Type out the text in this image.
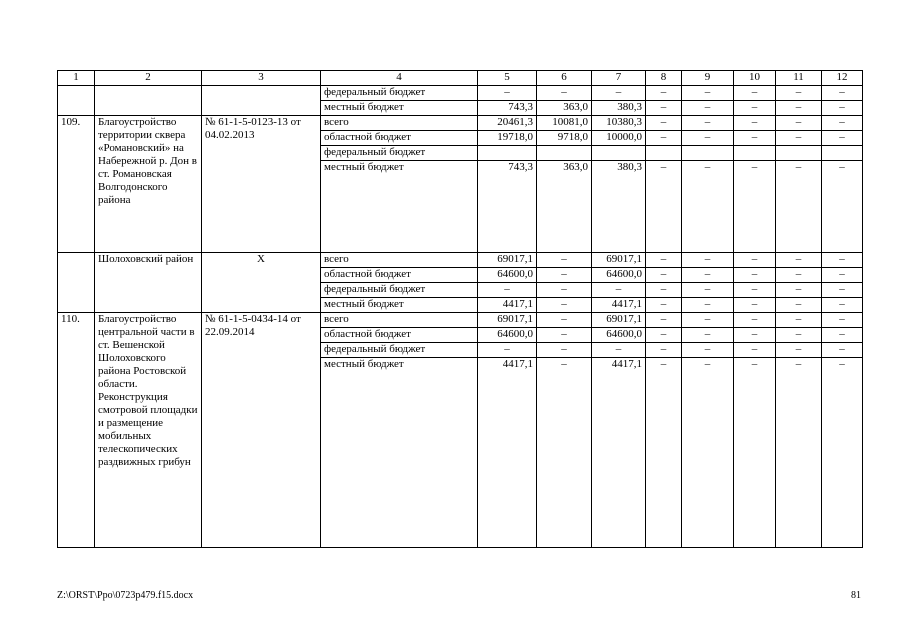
1	2	3	4	5	6	7	8	9	10	11	12
			федеральный бюджет	–	–	–	–	–	–	–	–
			местный бюджет	743,3	363,0	380,3	–	–	–	–	–
109.	Благоустройство территории сквера «Романовский» на Набережной р. Дон в ст. Романовская Волгодонского района	№ 61-1-5-0123-13 от 04.02.2013	всего	20461,3	10081,0	10380,3	–	–	–	–	–
			областной бюджет	19718,0	9718,0	10000,0	–	–	–	–	–
			федеральный бюджет								
			местный бюджет	743,3	363,0	380,3	–	–	–	–	–
	Шолоховский район	X	всего	69017,1	–	69017,1	–	–	–	–	–
			областной бюджет	64600,0	–	64600,0	–	–	–	–	–
			федеральный бюджет	–	–	–	–	–	–	–	–
			местный бюджет	4417,1	–	4417,1	–	–	–	–	–
110.	Благоустройство центральной части в ст. Вешенской Шолоховского района Ростовской области. Реконструкция смотровой площадки и размещение мобильных телескопических раздвижных грибун	№ 61-1-5-0434-14 от 22.09.2014	всего	69017,1	–	69017,1	–	–	–	–	–
			областной бюджет	64600,0	–	64600,0	–	–	–	–	–
			федеральный бюджет	–	–	–	–	–	–	–	–
			местный бюджет	4417,1	–	4417,1	–	–	–	–	–
Z:\ORST\Ppo\0723p479.f15.docx	81
